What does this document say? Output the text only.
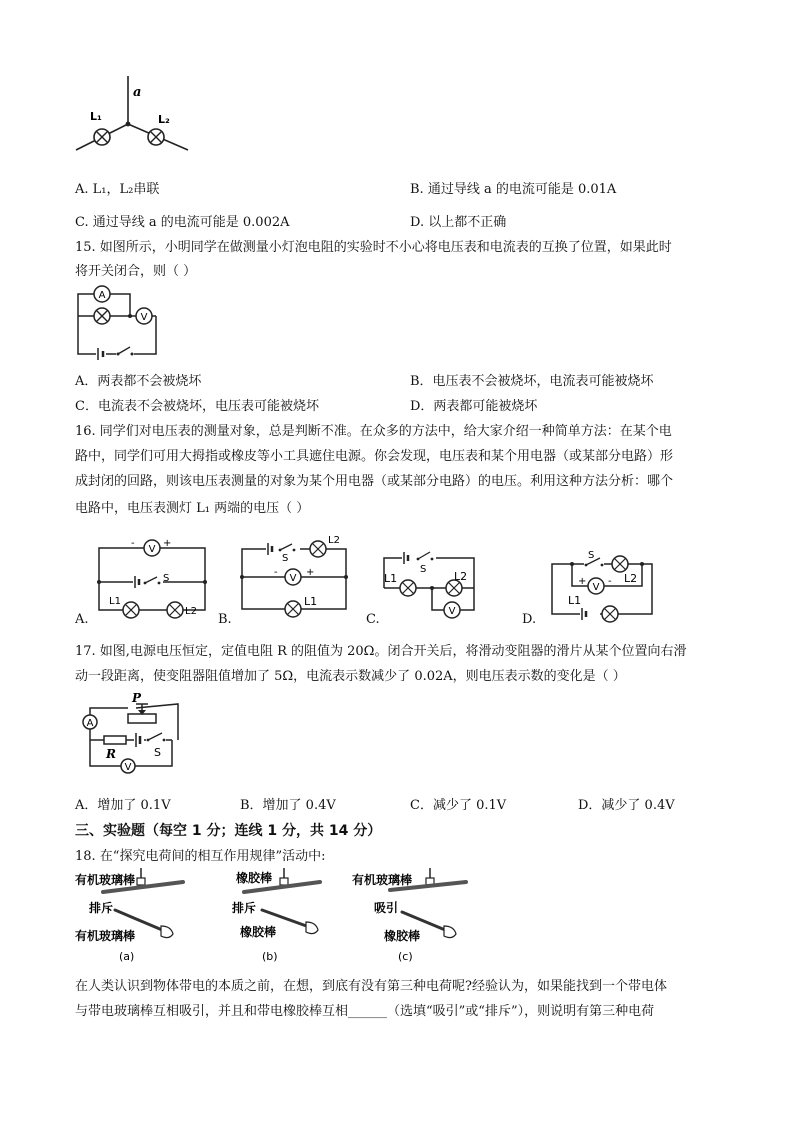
a
L₁	L₂
A. L₁，L₂串联	B. 通过导线 a 的电流可能是 0.01A
C. 通过导线 a 的电流可能是 0.002A	D. 以上都不正确
15. 如图所示，小明同学在做测量小灯泡电阻的实验时不小心将电压表和电流表的互换了位置，如果此时
将开关闭合，则（ ）
A
V
A．两表都不会被烧坏	B．电压表不会被烧坏，电流表可能被烧坏
C．电流表不会被烧坏，电压表可能被烧坏	D．两表都可能被烧坏
16. 同学们对电压表的测量对象，总是判断不准。在众多的方法中，给大家介绍一种简单方法：在某个电
路中，同学们可用大拇指或橡皮等小工具遮住电源。你会发现，电压表和某个用电器（或某部分电路）形
成封闭的回路，则该电压表测量的对象为某个用电器（或某部分电路）的电压。利用这种方法分析：哪个
电路中，电压表测灯 L₁ 两端的电压（ ）
A.
V
-	+
S
L1
L2
B.
S
L2
V
-	+
L1
C.
S
L1	L2
V
D.
S
L2
V
+ -
L1
17. 如图,电源电压恒定，定值电阻 R 的阻值为 20Ω。闭合开关后，将滑动变阻器的滑片从某个位置向右滑
动一段距离，使变阻器阻值增加了 5Ω，电流表示数减少了 0.02A，则电压表示数的变化是（ ）
P
A
R	S
V
A．增加了 0.1V	B．增加了 0.4V	C．减少了 0.1V	D．减少了 0.4V
三、实验题（每空 1 分；连线 1 分，共 14 分）
18. 在“探究电荷间的相互作用规律”活动中:
有机玻璃棒
排斥
有机玻璃棒
(a)
橡胶棒
排斥
橡胶棒
(b)
有机玻璃棒
吸引
橡胶棒
(c)
在人类认识到物体带电的本质之前，在想，到底有没有第三种电荷呢?经验认为，如果能找到一个带电体
与带电玻璃棒互相吸引，并且和带电橡胶棒互相______（选填“吸引”或“排斥”），则说明有第三种电荷
